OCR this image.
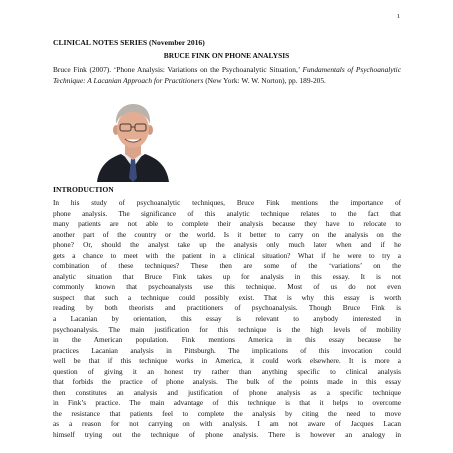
1
CLINICAL NOTES SERIES (November 2016)
BRUCE FINK ON PHONE ANALYSIS
Bruce Fink (2007). ‘Phone Analysis: Variations on the Psychoanalytic Situation,’ Fundamentals of Psychoanalytic Technique: A Lacanian Approach for Practitioners (New York: W. W. Norton), pp. 189-205.
INTRODUCTION
In his study of psychoanalytic techniques, Bruce Fink mentions the importance of
phone analysis. The significance of this analytic technique relates to the fact that
many patients are not able to complete their analysis because they have to relocate to
another part of the country or the world. Is it better to carry on the analysis on the
phone? Or, should the analyst take up the analysis only much later when and if he
gets a chance to meet with the patient in a clinical situation? What if he were to try a
combination of these techniques? These then are some of the ‘variations’ on the
analytic situation that Bruce Fink takes up for analysis in this essay. It is not
commonly known that psychoanalysts use this technique. Most of us do not even
suspect that such a technique could possibly exist. That is why this essay is worth
reading by both theorists and practitioners of psychoanalysis. Though Bruce Fink is
a Lacanian by orientation, this essay is relevant to anybody interested in
psychoanalysis. The main justification for this technique is the high levels of mobility
in the American population. Fink mentions America in this essay because he
practices Lacanian analysis in Pittsburgh. The implications of this invocation could
well be that if this technique works in America, it could work elsewhere. It is more a
question of giving it an honest try rather than anything specific to clinical analysis
that forbids the practice of phone analysis. The bulk of the points made in this essay
then constitutes an analysis and justification of phone analysis as a specific technique
in Fink’s practice. The main advantage of this technique is that it helps to overcome
the resistance that patients feel to complete the analysis by citing the need to move
as a reason for not carrying on with analysis. I am not aware of Jacques Lacan
himself trying out the technique of phone analysis. There is however an analogy in
